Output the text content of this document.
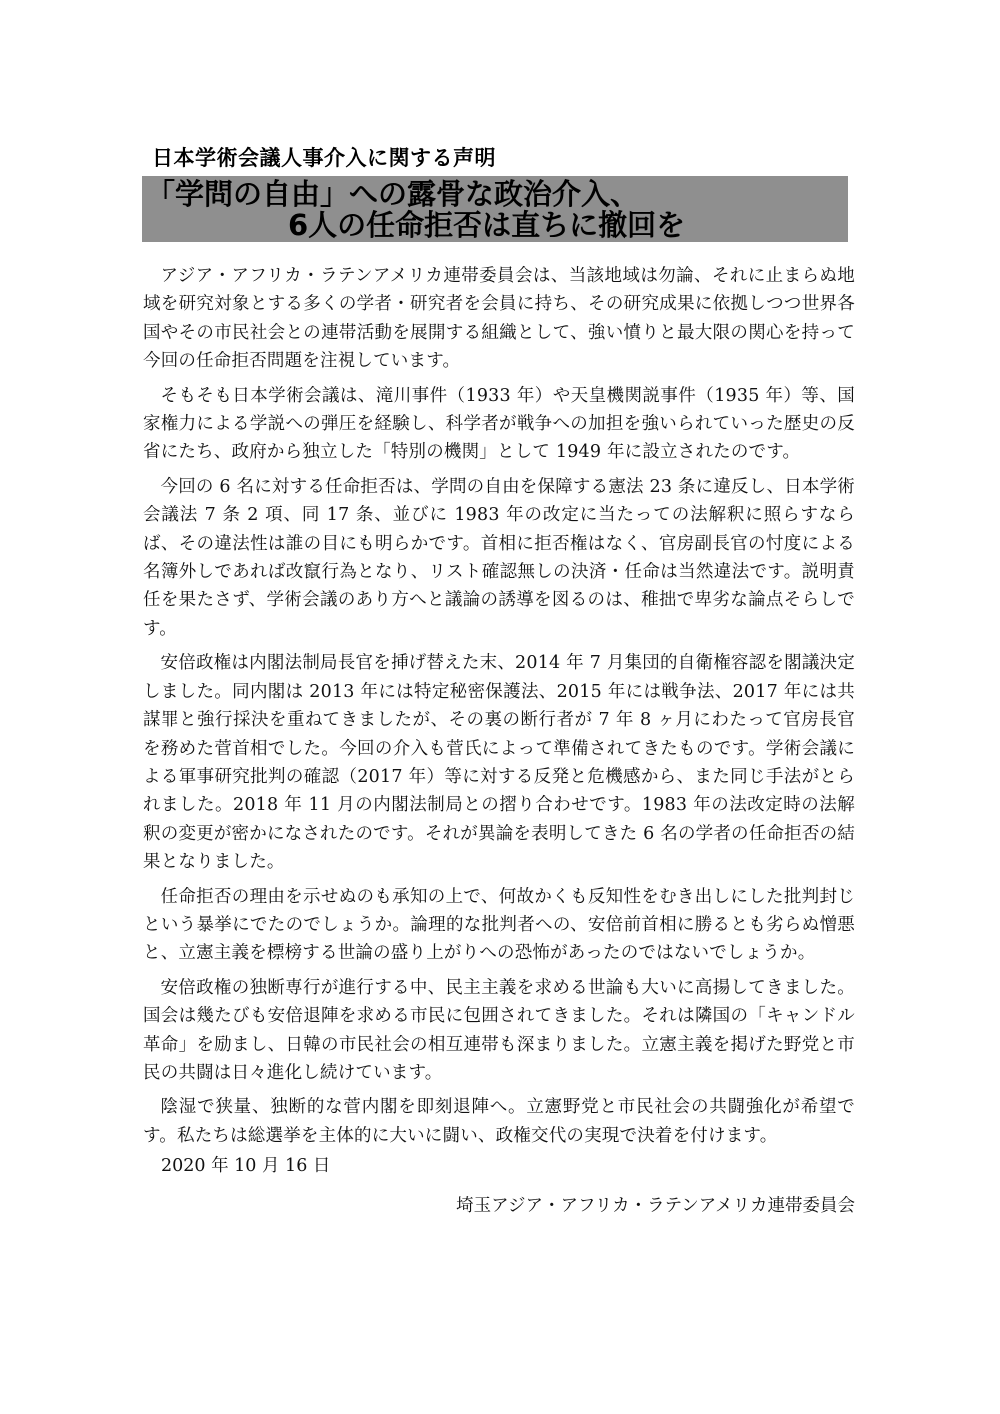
日本学術会議人事介入に関する声明
「学問の自由」への露骨な政治介入、
6人の任命拒否は直ちに撤回を

アジア・アフリカ・ラテンアメリカ連帯委員会は、当該地域は勿論、それに止まらぬ地域を研究対象とする多くの学者・研究者を会員に持ち、その研究成果に依拠しつつ世界各国やその市民社会との連帯活動を展開する組織として、強い憤りと最大限の関心を持って今回の任命拒否問題を注視しています。

そもそも日本学術会議は、滝川事件（1933 年）や天皇機関説事件（1935 年）等、国家権力による学説への弾圧を経験し、科学者が戦争への加担を強いられていった歴史の反省にたち、政府から独立した「特別の機関」として 1949 年に設立されたのです。

今回の 6 名に対する任命拒否は、学問の自由を保障する憲法 23 条に違反し、日本学術会議法 7 条 2 項、同 17 条、並びに 1983 年の改定に当たっての法解釈に照らすならば、その違法性は誰の目にも明らかです。首相に拒否権はなく、官房副長官の忖度による名簿外しであれば改竄行為となり、リスト確認無しの決済・任命は当然違法です。説明責任を果たさず、学術会議のあり方へと議論の誘導を図るのは、稚拙で卑劣な論点そらしです。

安倍政権は内閣法制局長官を挿げ替えた末、2014 年 7 月集団的自衛権容認を閣議決定しました。同内閣は 2013 年には特定秘密保護法、2015 年には戦争法、2017 年には共謀罪と強行採決を重ねてきましたが、その裏の断行者が 7 年 8 ヶ月にわたって官房長官を務めた菅首相でした。今回の介入も菅氏によって準備されてきたものです。学術会議による軍事研究批判の確認（2017 年）等に対する反発と危機感から、また同じ手法がとられました。2018 年 11 月の内閣法制局との摺り合わせです。1983 年の法改定時の法解釈の変更が密かになされたのです。それが異論を表明してきた 6 名の学者の任命拒否の結果となりました。

任命拒否の理由を示せぬのも承知の上で、何故かくも反知性をむき出しにした批判封じという暴挙にでたのでしょうか。論理的な批判者への、安倍前首相に勝るとも劣らぬ憎悪と、立憲主義を標榜する世論の盛り上がりへの恐怖があったのではないでしょうか。

安倍政権の独断専行が進行する中、民主主義を求める世論も大いに高揚してきました。国会は幾たびも安倍退陣を求める市民に包囲されてきました。それは隣国の「キャンドル革命」を励まし、日韓の市民社会の相互連帯も深まりました。立憲主義を掲げた野党と市民の共闘は日々進化し続けています。

陰湿で狭量、独断的な菅内閣を即刻退陣へ。立憲野党と市民社会の共闘強化が希望です。私たちは総選挙を主体的に大いに闘い、政権交代の実現で決着を付けます。

2020 年 10 月 16 日
埼玉アジア・アフリカ・ラテンアメリカ連帯委員会
